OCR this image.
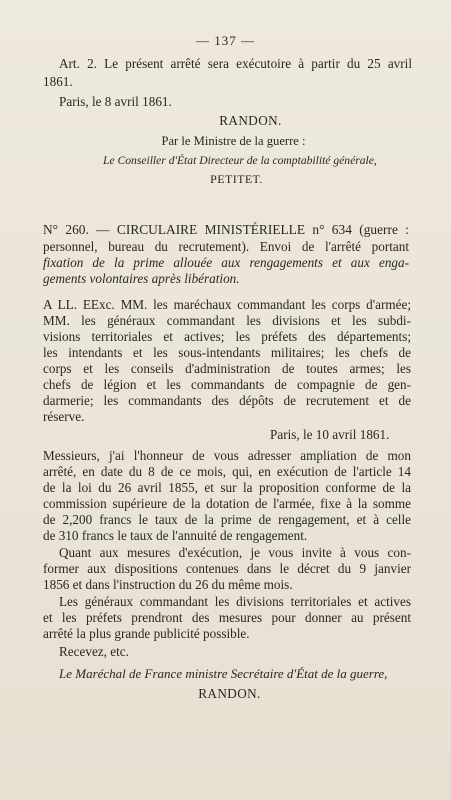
— 137 —
Art. 2. Le présent arrêté sera exécutoire à partir du 25 avril
1861.
Paris, le 8 avril 1861.
RANDON.
Par le Ministre de la guerre :
Le Conseiller d'État Directeur de la comptabilité générale,
PETITET.
N° 260. — CIRCULAIRE MINISTÉRIELLE n° 634 (guerre :
personnel, bureau du recrutement). Envoi de l'arrêté portant
fixation de la prime allouée aux rengagements et aux enga-
gements volontaires après libération.
A LL. EExc. MM. les maréchaux commandant les corps d'armée;
MM. les généraux commandant les divisions et les subdi-
visions territoriales et actives; les préfets des départements;
les intendants et les sous-intendants militaires; les chefs de
corps et les conseils d'administration de toutes armes; les
chefs de légion et les commandants de compagnie de gen-
darmerie; les commandants des dépôts de recrutement et de
réserve.
Paris, le 10 avril 1861.
Messieurs, j'ai l'honneur de vous adresser ampliation de mon
arrêté, en date du 8 de ce mois, qui, en exécution de l'article 14
de la loi du 26 avril 1855, et sur la proposition conforme de la
commission supérieure de la dotation de l'armée, fixe à la somme
de 2,200 francs le taux de la prime de rengagement, et à celle
de 310 francs le taux de l'annuité de rengagement.
Quant aux mesures d'exécution, je vous invite à vous con-
former aux dispositions contenues dans le décret du 9 janvier
1856 et dans l'instruction du 26 du même mois.
Les généraux commandant les divisions territoriales et actives
et les préfets prendront des mesures pour donner au présent
arrêté la plus grande publicité possible.
Recevez, etc.
Le Maréchal de France ministre Secrétaire d'État de la guerre,
RANDON.
